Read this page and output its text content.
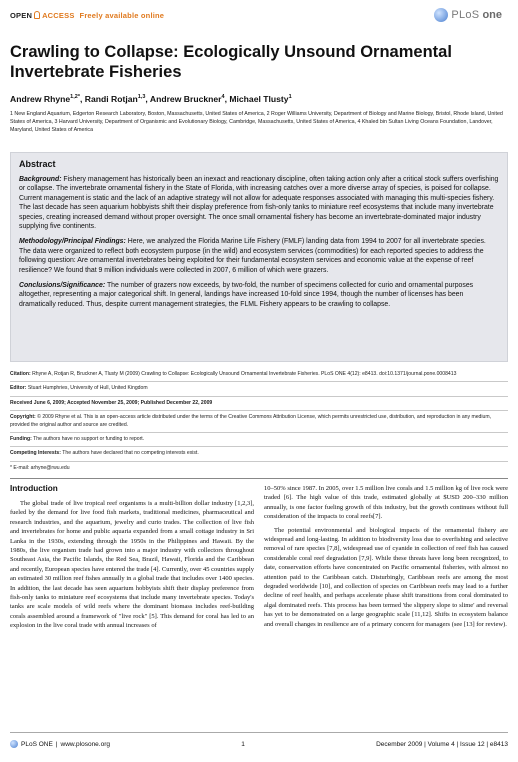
OPEN ACCESS Freely available online	PLoS one
Crawling to Collapse: Ecologically Unsound Ornamental Invertebrate Fisheries
Andrew Rhyne$^{1,2*}$, Randi Rotjan$^{1,3}$, Andrew Bruckner$^4$, Michael Tlusty$^1$
1 New England Aquarium, Edgerton Research Laboratory, Boston, Massachusetts, United States of America, 2 Roger Williams University, Department of Biology and Marine Biology, Bristol, Rhode Island, United States of America, 3 Harvard University, Department of Organismic and Evolutionary Biology, Cambridge, Massachusetts, United States of America, 4 Khaled bin Sultan Living Oceans Foundation, Landover, Maryland, United States of America
Abstract

Background: Fishery management has historically been an inexact and reactionary discipline, often taking action only after a critical stock suffers overfishing or collapse. The invertebrate ornamental fishery in the State of Florida, with increasing catches over a more diverse array of species, is poised for collapse. Current management is static and the lack of an adaptive strategy will not allow for adequate responses associated with managing this multi-species fishery. The last decade has seen aquarium hobbyists shift their display preference from fish-only tanks to miniature reef ecosystems that include many invertebrate species, creating increased demand without proper oversight. The once small ornamental fishery has become an invertebrate-dominated major industry supplying five continents.

Methodology/Principal Findings: Here, we analyzed the Florida Marine Life Fishery (FMLF) landing data from 1994 to 2007 for all invertebrate species. The data were organized to reflect both ecosystem purpose (in the wild) and ecosystem services (commodities) for each reported species to address the following question: Are ornamental invertebrates being exploited for their fundamental ecosystem services and economic value at the expense of reef resilience? We found that 9 million individuals were collected in 2007, 6 million of which were grazers.

Conclusions/Significance: The number of grazers now exceeds, by two-fold, the number of specimens collected for curio and ornamental purposes altogether, representing a major categorical shift. In general, landings have increased 10-fold since 1994, though the number of licenses has been dramatically reduced. Thus, despite current management strategies, the FLML Fishery appears to be crawling to collapse.

Citation: Rhyne A, Rotjan R, Bruckner A, Tlusty M (2009) Crawling to Collapse: Ecologically Unsound Ornamental Invertebrate Fisheries. PLoS ONE 4(12): e8413. doi:10.1371/journal.pone.0008413

Editor: Stuart Humphries, University of Hull, United Kingdom

Received June 6, 2009; Accepted November 25, 2009; Published December 22, 2009

Copyright: © 2009 Rhyne et al. This is an open-access article distributed under the terms of the Creative Commons Attribution License, which permits unrestricted use, distribution, and reproduction in any medium, provided the original author and source are credited.

Funding: The authors have no support or funding to report.

Competing Interests: The authors have declared that no competing interests exist.

* E-mail: arhyne@rwu.edu

Introduction

The global trade of live tropical reef organisms is a multi-billion dollar industry [1,2,3], fueled by the demand for live food fish markets, traditional medicines, pharmaceutical and research industries, and the aquarium, jewelry and curio trades. The collection of live fish and invertebrates for home and public aquaria expanded from a small cottage industry in Sri Lanka in the 1930s, extending through the 1950s in the Philippines and Hawaii. By the 1980s, the live organism trade had grown into a major industry with collectors throughout Southeast Asia, the Pacific Islands, the Red Sea, Brazil, Hawaii, Florida and the Caribbean and recently, European species have entered the trade [4]. Currently, over 45 countries supply an estimated 30 million reef fishes annually in a global trade that includes over 1400 species. In addition, the last decade has seen aquarium hobbyists shift their display preference from fish-only tanks to miniature reef ecosystems that include many invertebrate species. Today's tanks are scale models of wild reefs where the dominant biomass includes reef-building corals assembled around a framework of "live rock" [5]. This demand for coral has led to an explosion in the live coral trade with annual increases of

10–50% since 1987. In 2005, over 1.5 million live corals and 1.5 million kg of live rock were traded [6]. The high value of this trade, estimated globally at $USD 200–330 million annually, is one factor fueling growth of this industry, but the growth continues without full consideration of the impacts to coral reefs[7].

The potential environmental and biological impacts of the ornamental fishery are widespread and long-lasting. In addition to biodiversity loss due to overfishing and selective removal of rare species [7,8], widespread use of cyanide in collection of reef fish has caused considerable coral reef degradation [7,9]. While these threats have long been recognized, to date, conservation efforts have concentrated on Pacific ornamental fisheries, with almost no attention paid to the Caribbean catch. Disturbingly, Caribbean reefs are among the most degraded worldwide [10], and collection of species on Caribbean reefs may lead to a further decline of reef health, and perhaps accelerate phase shift transitions from coral dominated to algal dominated reefs. This process has been termed 'the slippery slope to slime' and reversal has yet to be demonstrated on a large geographic scale [11,12]. Shifts in ecosystem balance and overall changes in resilience are of a primary concern for managers (see [13] for review).

PLoS ONE | www.plosone.org	1	December 2009 | Volume 4 | Issue 12 | e8413
